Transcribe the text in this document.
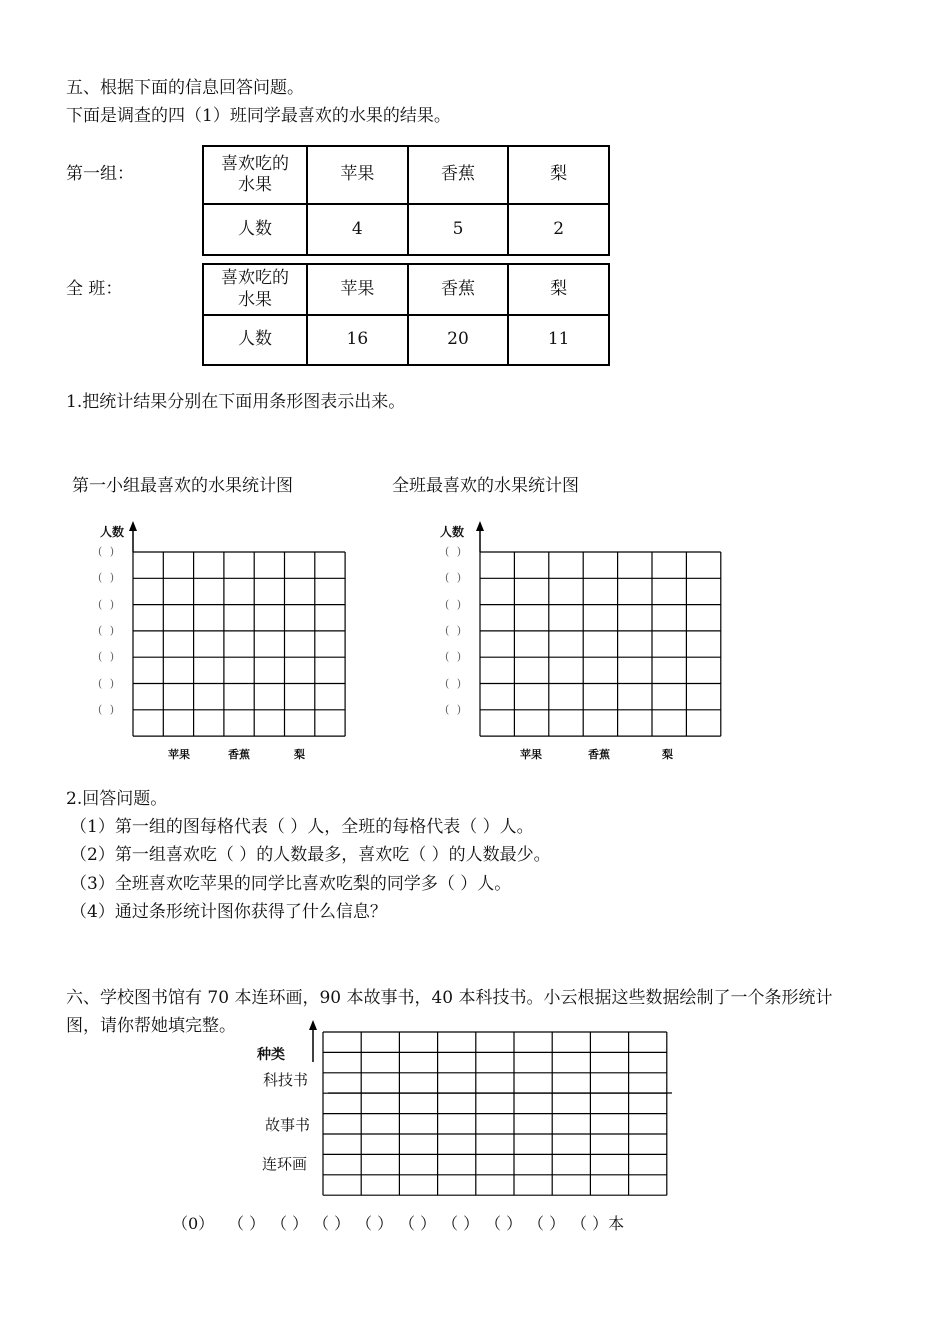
五、根据下面的信息回答问题。
下面是调查的四（1）班同学最喜欢的水果的结果。
第一组：
喜欢吃的
水果	苹果	香蕉	梨
人数	4	5	2
全 班：
喜欢吃的
水果	苹果	香蕉	梨
人数	16	20	11
1.把统计结果分别在下面用条形图表示出来。
第一小组最喜欢的水果统计图	全班最喜欢的水果统计图
人数
苹果	香蕉	梨
人数
苹果	香蕉	梨
2.回答问题。
（1）第一组的图每格代表（ ）人，全班的每格代表（ ）人。
（2）第一组喜欢吃（ ）的人数最多，喜欢吃（ ）的人数最少。
（3）全班喜欢吃苹果的同学比喜欢吃梨的同学多（ ）人。
（4）通过条形统计图你获得了什么信息？
六、学校图书馆有 70 本连环画，90 本故事书，40 本科技书。小云根据这些数据绘制了一个条形统计
图，请你帮她填完整。
种类
科技书
故事书
连环画
( )
( )
( )
( )
( )
( )
( )
( )
( )
( )
( )
( )
( )
( )
（0） （ ） （ ） （ ） （ ） （ ） （ ） （ ） （ ） （ ）本
